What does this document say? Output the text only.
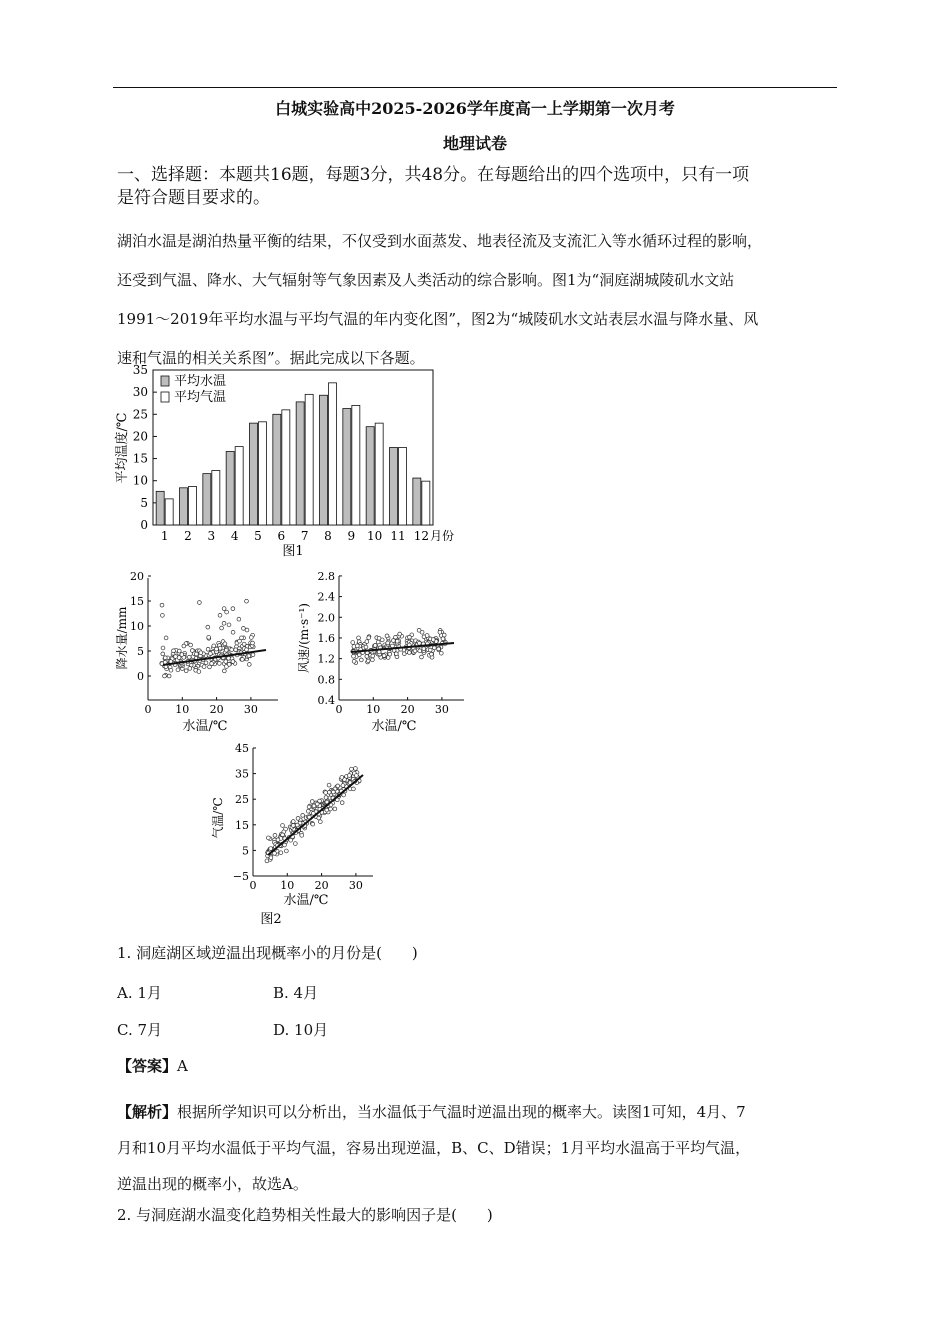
白城实验高中2025-2026学年度高一上学期第一次月考
地理试卷
一、选择题：本题共16题，每题3分，共48分。在每题给出的四个选项中，只有一项
是符合题目要求的。
湖泊水温是湖泊热量平衡的结果，不仅受到水面蒸发、地表径流及支流汇入等水循环过程的影响，
还受到气温、降水、大气辐射等气象因素及人类活动的综合影响。图1为“洞庭湖城陵矶水文站
1991～2019年平均水温与平均气温的年内变化图”，图2为“城陵矶水文站表层水温与降水量、风
速和气温的相关关系图”。据此完成以下各题。
0
5
10
15
20
25
30
35
1 2 3 4 5 6 7 8 9 10 11 12
平均水温
平均气温
月份
平均温度/℃
图1
0
5
10
15
20
0 10 20 30
降水量/mm
水温/℃
0.4
0.8
1.2
1.6
2.0
2.4
2.8
0 10 20 30
风速/(m·s⁻¹)
水温/℃
−5
5
15
25
35
45
0 10 20 30
气温/℃
水温/℃
图2
1. 洞庭湖区域逆温出现概率小的月份是(　　)
A. 1月	B. 4月
C. 7月	D. 10月
【答案】A
【解析】根据所学知识可以分析出，当水温低于气温时逆温出现的概率大。读图1可知，4月、7
月和10月平均水温低于平均气温，容易出现逆温，B、C、D错误；1月平均水温高于平均气温，
逆温出现的概率小，故选A。
2. 与洞庭湖水温变化趋势相关性最大的影响因子是(　　)
